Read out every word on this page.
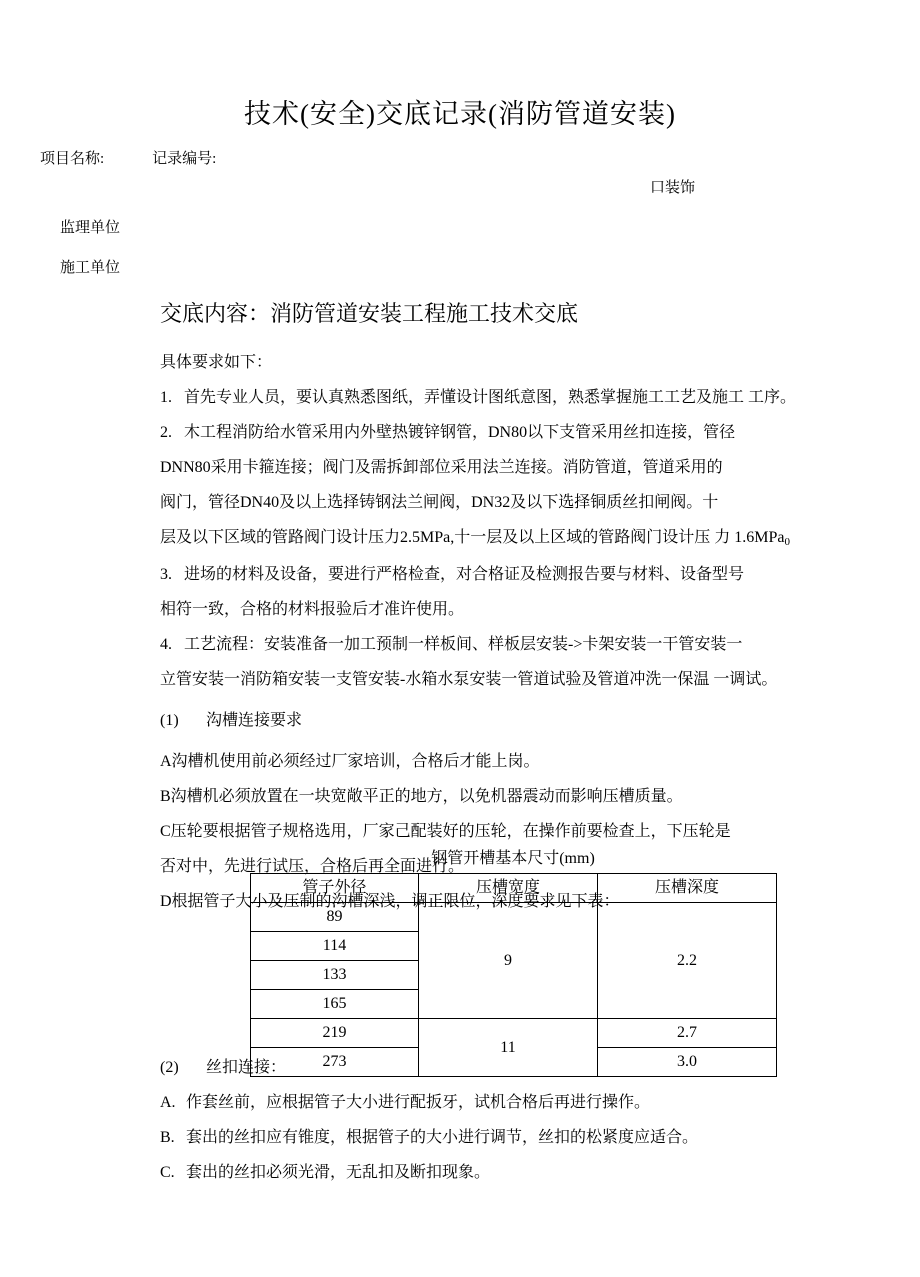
技术(安全)交底记录(消防管道安装)
项目名称:	记录编号:
口装饰
监理单位
施工单位
交底内容：消防管道安装工程施工技术交底

具体要求如下：

1. 首先专业人员，要认真熟悉图纸，弄懂设计图纸意图，熟悉掌握施工工艺及施工 工序。

2. 木工程消防给水管采用内外壁热镀锌钢管，DN80以下支管采用丝扣连接，管径

DNN80采用卡箍连接；阀门及需拆卸部位采用法兰连接。消防管道，管道采用的

阀门，管径DN40及以上选择铸钢法兰闸阀，DN32及以下选择铜质丝扣闸阀。十

层及以下区域的管路阀门设计压力2.5MPa,十一层及以上区域的管路阀门设计压 力 1.6MPa$_0$

3. 进场的材料及设备，要进行严格检查，对合格证及检测报告要与材料、设备型号

相符一致，合格的材料报验后才准许使用。

4. 工艺流程：安装准备一加工预制一样板间、样板层安装->卡架安装一干管安装一

立管安装一消防箱安装一支管安装-水箱水泵安装一管道试验及管道冲洗一保温 一调试。

(1) 沟槽连接要求

A沟槽机使用前必须经过厂家培训，合格后才能上岗。

B沟槽机必须放置在一块宽敞平正的地方，以免机器震动而影响压槽质量。

C压轮要根据管子规格选用，厂家己配装好的压轮，在操作前要检查上，下压轮是

否对中，先进行试压，合格后再全面进行。

D根据管子大小及压制的沟槽深浅，调正限位，深度要求见下表：

钢管开槽基本尺寸(mm)
管子外径	压槽宽度	压槽深度
89	9	2.2
114		
133		
165		
219	11	2.7
273		3.0

(2) 丝扣连接：

A. 作套丝前，应根据管子大小进行配扳牙，试机合格后再进行操作。

B. 套出的丝扣应有锥度，根据管子的大小进行调节，丝扣的松紧度应适合。

C. 套出的丝扣必须光滑，无乱扣及断扣现象。
